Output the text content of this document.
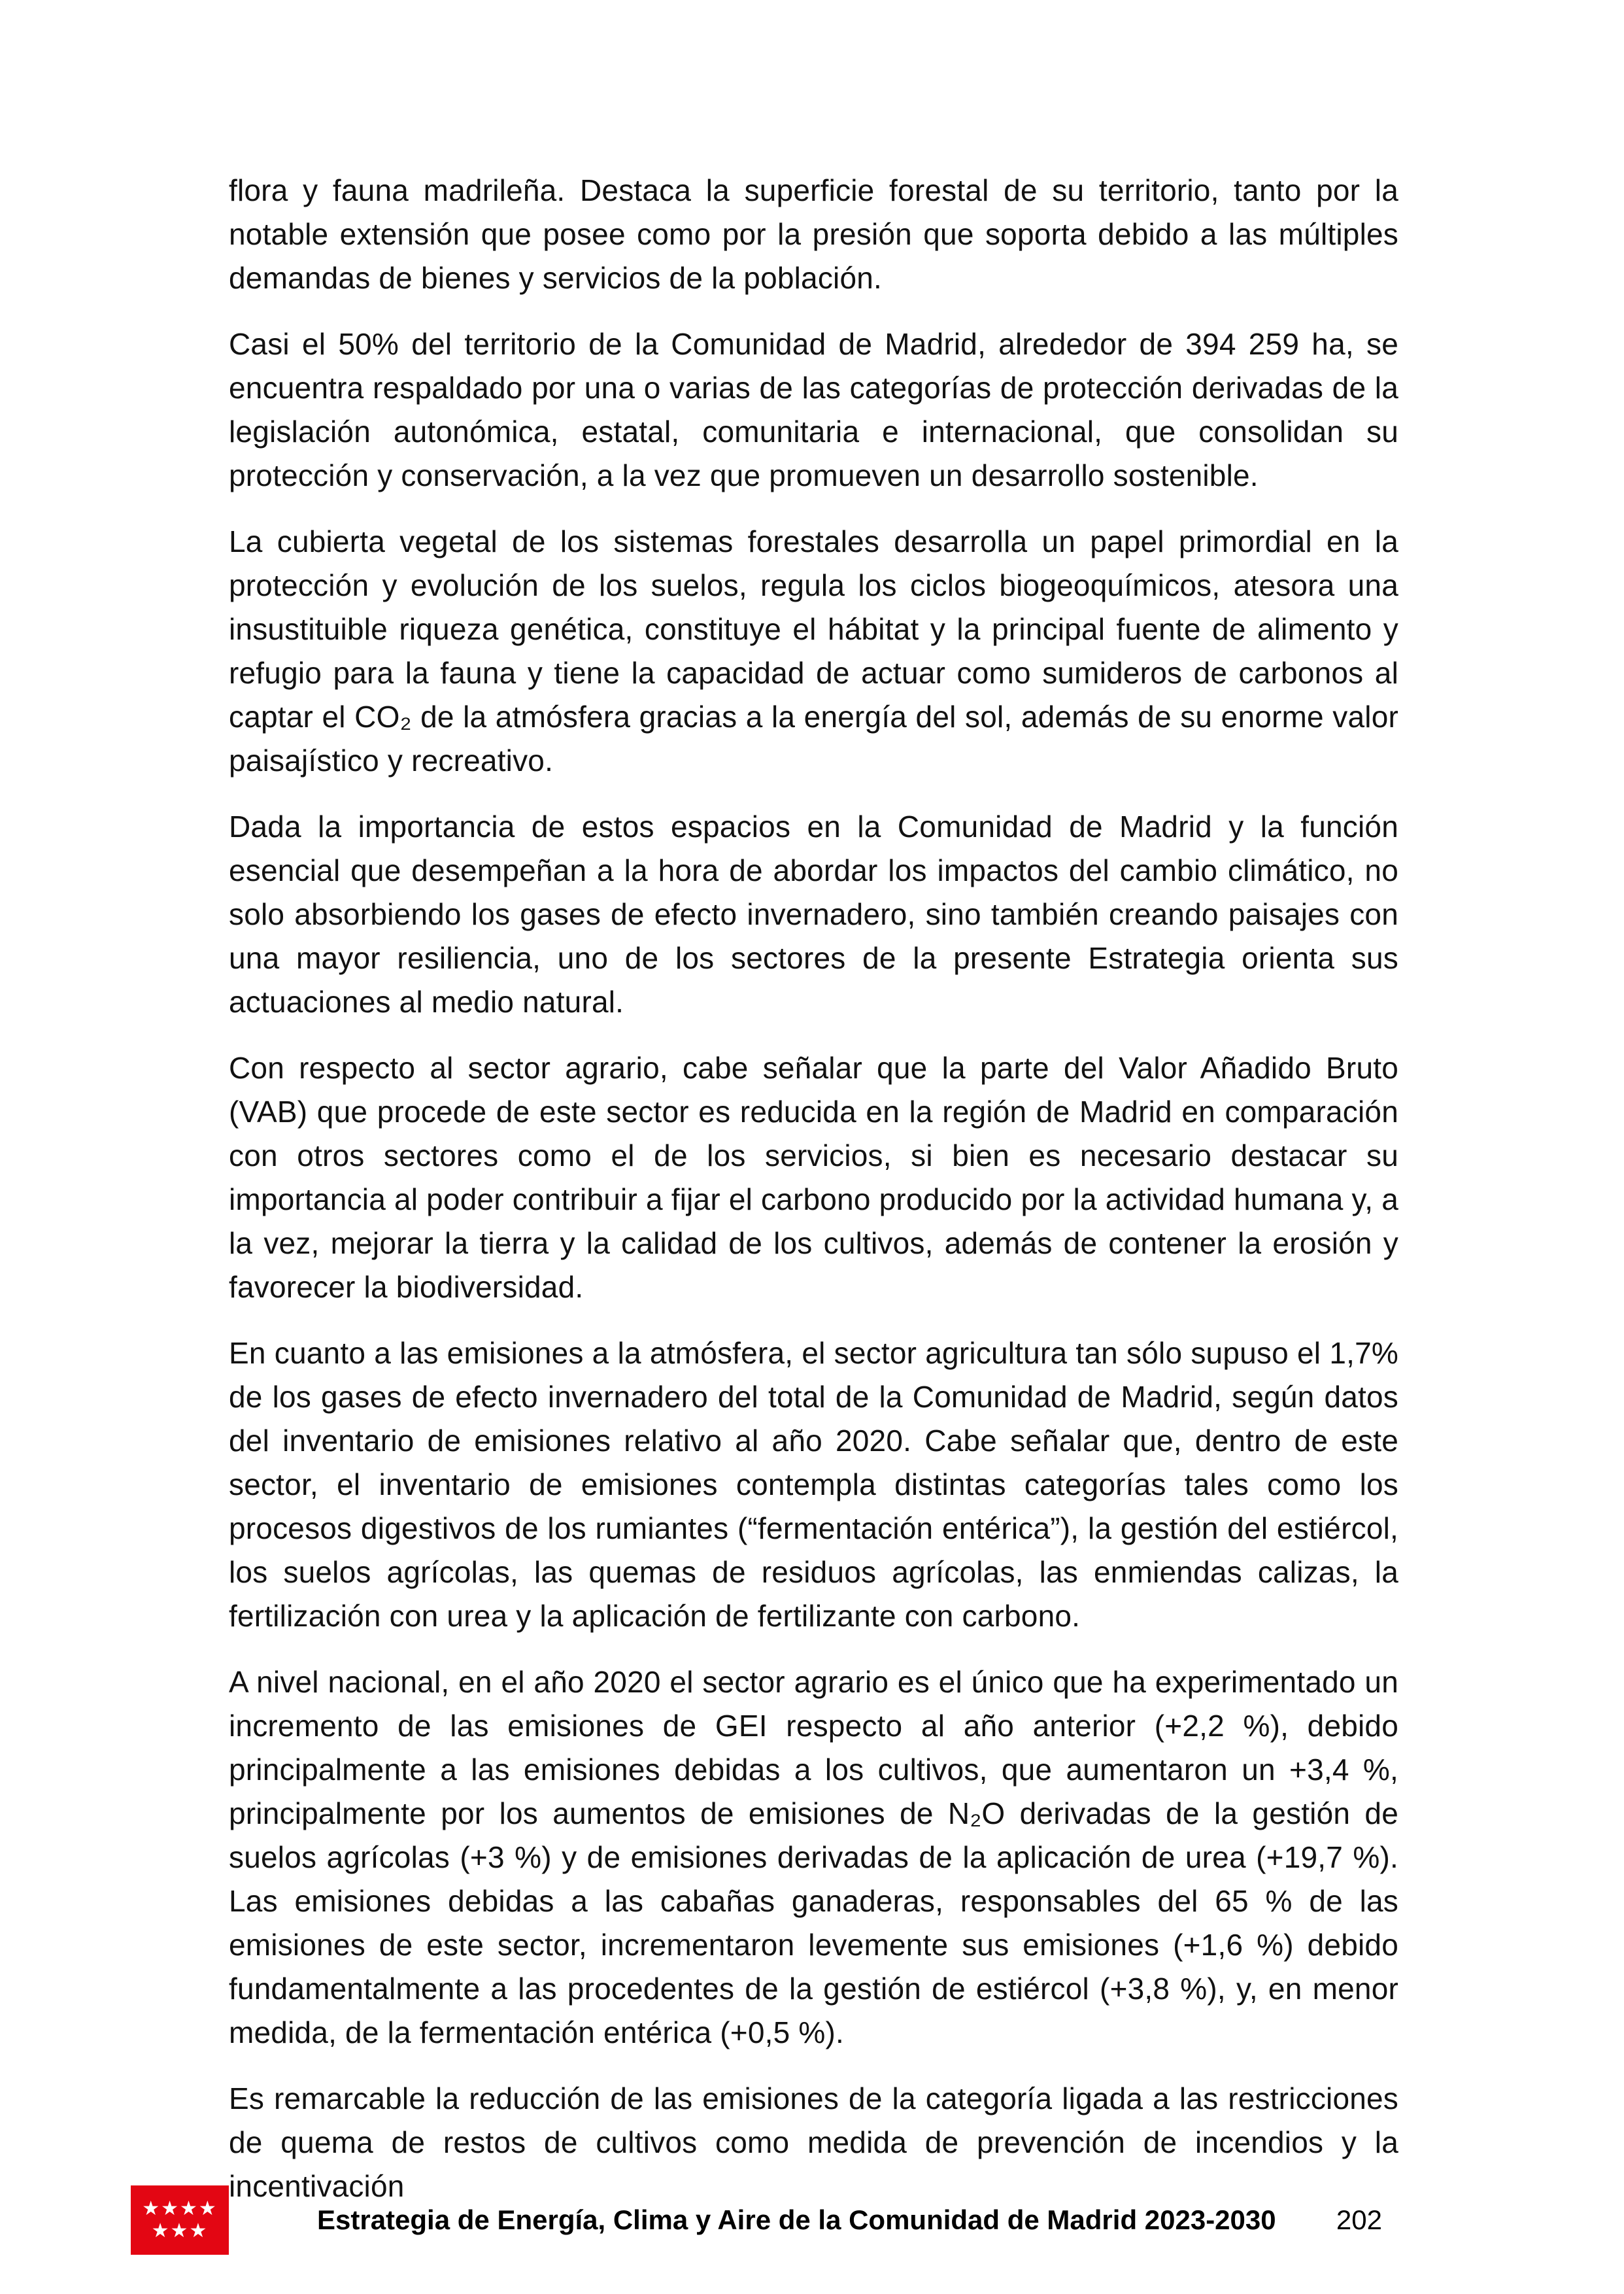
flora y fauna madrileña. Destaca la superficie forestal de su territorio, tanto por la notable extensión que posee como por la presión que soporta debido a las múltiples demandas de bienes y servicios de la población.

Casi el 50% del territorio de la Comunidad de Madrid, alrededor de 394 259 ha, se encuentra respaldado por una o varias de las categorías de protección derivadas de la legislación autonómica, estatal, comunitaria e internacional, que consolidan su protección y conservación, a la vez que promueven un desarrollo sostenible.

La cubierta vegetal de los sistemas forestales desarrolla un papel primordial en la protección y evolución de los suelos, regula los ciclos biogeoquímicos, atesora una insustituible riqueza genética, constituye el hábitat y la principal fuente de alimento y refugio para la fauna y tiene la capacidad de actuar como sumideros de carbonos al captar el CO₂ de la atmósfera gracias a la energía del sol, además de su enorme valor paisajístico y recreativo.

Dada la importancia de estos espacios en la Comunidad de Madrid y la función esencial que desempeñan a la hora de abordar los impactos del cambio climático, no solo absorbiendo los gases de efecto invernadero, sino también creando paisajes con una mayor resiliencia, uno de los sectores de la presente Estrategia orienta sus actuaciones al medio natural.

Con respecto al sector agrario, cabe señalar que la parte del Valor Añadido Bruto (VAB) que procede de este sector es reducida en la región de Madrid en comparación con otros sectores como el de los servicios, si bien es necesario destacar su importancia al poder contribuir a fijar el carbono producido por la actividad humana y, a la vez, mejorar la tierra y la calidad de los cultivos, además de contener la erosión y favorecer la biodiversidad.

En cuanto a las emisiones a la atmósfera, el sector agricultura tan sólo supuso el 1,7% de los gases de efecto invernadero del total de la Comunidad de Madrid, según datos del inventario de emisiones relativo al año 2020. Cabe señalar que, dentro de este sector, el inventario de emisiones contempla distintas categorías tales como los procesos digestivos de los rumiantes (“fermentación entérica”), la gestión del estiércol, los suelos agrícolas, las quemas de residuos agrícolas, las enmiendas calizas, la fertilización con urea y la aplicación de fertilizante con carbono.

A nivel nacional, en el año 2020 el sector agrario es el único que ha experimentado un incremento de las emisiones de GEI respecto al año anterior (+2,2 %), debido principalmente a las emisiones debidas a los cultivos, que aumentaron un +3,4 %, principalmente por los aumentos de emisiones de N₂O derivadas de la gestión de suelos agrícolas (+3 %) y de emisiones derivadas de la aplicación de urea (+19,7 %). Las emisiones debidas a las cabañas ganaderas, responsables del 65 % de las emisiones de este sector, incrementaron levemente sus emisiones (+1,6 %) debido fundamentalmente a las procedentes de la gestión de estiércol (+3,8 %), y, en menor medida, de la fermentación entérica (+0,5 %).

Es remarcable la reducción de las emisiones de la categoría ligada a las restricciones de quema de restos de cultivos como medida de prevención de incendios y la incentivación

★★★★
★★★	Estrategia de Energía, Clima y Aire de la Comunidad de Madrid 2023-2030 202
